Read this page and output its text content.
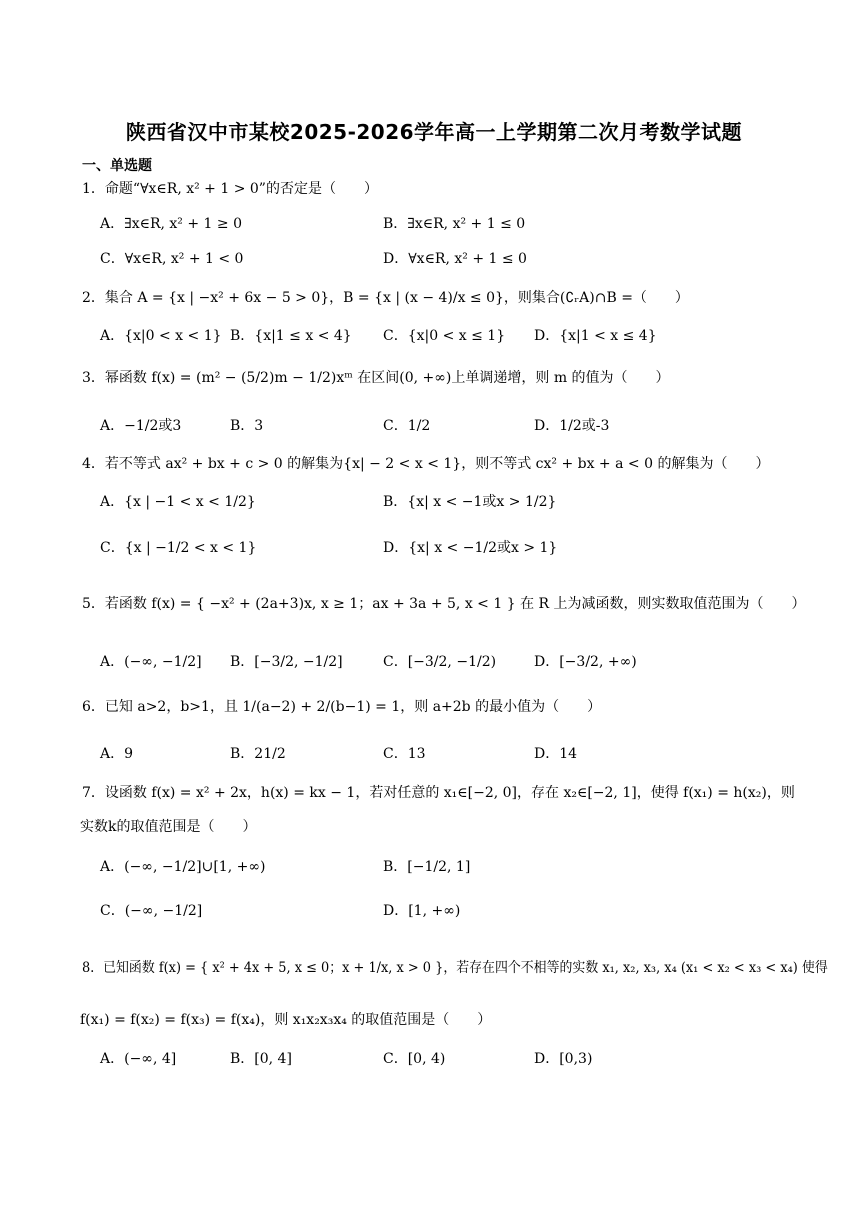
陕西省汉中市某校2025-2026学年高一上学期第二次月考数学试题
一、单选题
1．命题“∀x∈R, x² + 1 > 0”的否定是（　　）
A．∃x∈R, x² + 1 ≥ 0	B．∃x∈R, x² + 1 ≤ 0
C．∀x∈R, x² + 1 < 0	D．∀x∈R, x² + 1 ≤ 0
2．集合 A = {x | −x² + 6x − 5 > 0}，B = {x | (x − 4)/x ≤ 0}，则集合(∁ᵣA)∩B =（　　）
A．{x|0 < x < 1} B．{x|1 ≤ x < 4} C．{x|0 < x ≤ 1} D．{x|1 < x ≤ 4}
3．幂函数 f(x) = (m² − (5/2)m − 1/2)xᵐ 在区间(0, +∞)上单调递增，则 m 的值为（　　）
A．−1/2或3	B．3	C．1/2	D．1/2或-3
4．若不等式 ax² + bx + c > 0 的解集为{x| − 2 < x < 1}，则不等式 cx² + bx + a < 0 的解集为（　　）
A．{x | −1 < x < 1/2}	B．{x| x < −1或x > 1/2}
C．{x | −1/2 < x < 1}	D．{x| x < −1/2或x > 1}
5．若函数 f(x) = { −x² + (2a+3)x, x ≥ 1；ax + 3a + 5, x < 1 } 在 R 上为减函数，则实数取值范围为（　　）
A．(−∞, −1/2] B．[−3/2, −1/2]	C．[−3/2, −1/2)	D．[−3/2, +∞)
6．已知 a>2，b>1，且 1/(a−2) + 2/(b−1) = 1，则 a+2b 的最小值为（　　）
A．9	B．21/2	C．13	D．14
7．设函数 f(x) = x² + 2x，h(x) = kx − 1，若对任意的 x₁∈[−2, 0]，存在 x₂∈[−2, 1]，使得 f(x₁) = h(x₂)，则
实数k的取值范围是（　　）
A．(−∞, −1/2]∪[1, +∞)	B．[−1/2, 1]
C．(−∞, −1/2]	D．[1, +∞)
8．已知函数 f(x) = { x² + 4x + 5, x ≤ 0；x + 1/x, x > 0 }，若存在四个不相等的实数 x₁, x₂, x₃, x₄ (x₁ < x₂ < x₃ < x₄) 使得
f(x₁) = f(x₂) = f(x₃) = f(x₄)，则 x₁x₂x₃x₄ 的取值范围是（　　）
A．(−∞, 4]	B．[0, 4]	C．[0, 4)	D．[0,3)
